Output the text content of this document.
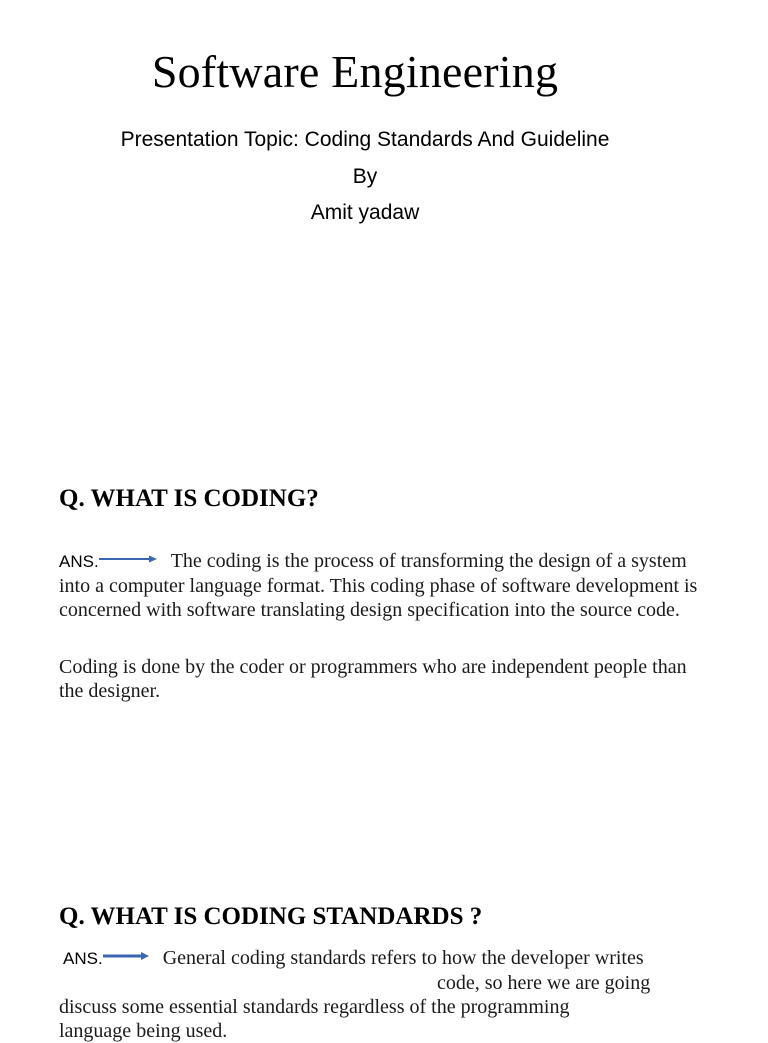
Software Engineering
Presentation Topic: Coding Standards And Guideline
By
Amit yadaw
Q. WHAT IS CODING?
ANS.	The coding is the process of transforming the design of a system into a computer language format. This coding phase of software development is concerned with software translating design specification into the source code.
Coding is done by the coder or programmers who are independent people than the designer.
Q. WHAT IS CODING STANDARDS ?
ANS.	General coding standards refers to how the developer writes
code, so here we are going
discuss some essential standards regardless of the programming
language being used.
